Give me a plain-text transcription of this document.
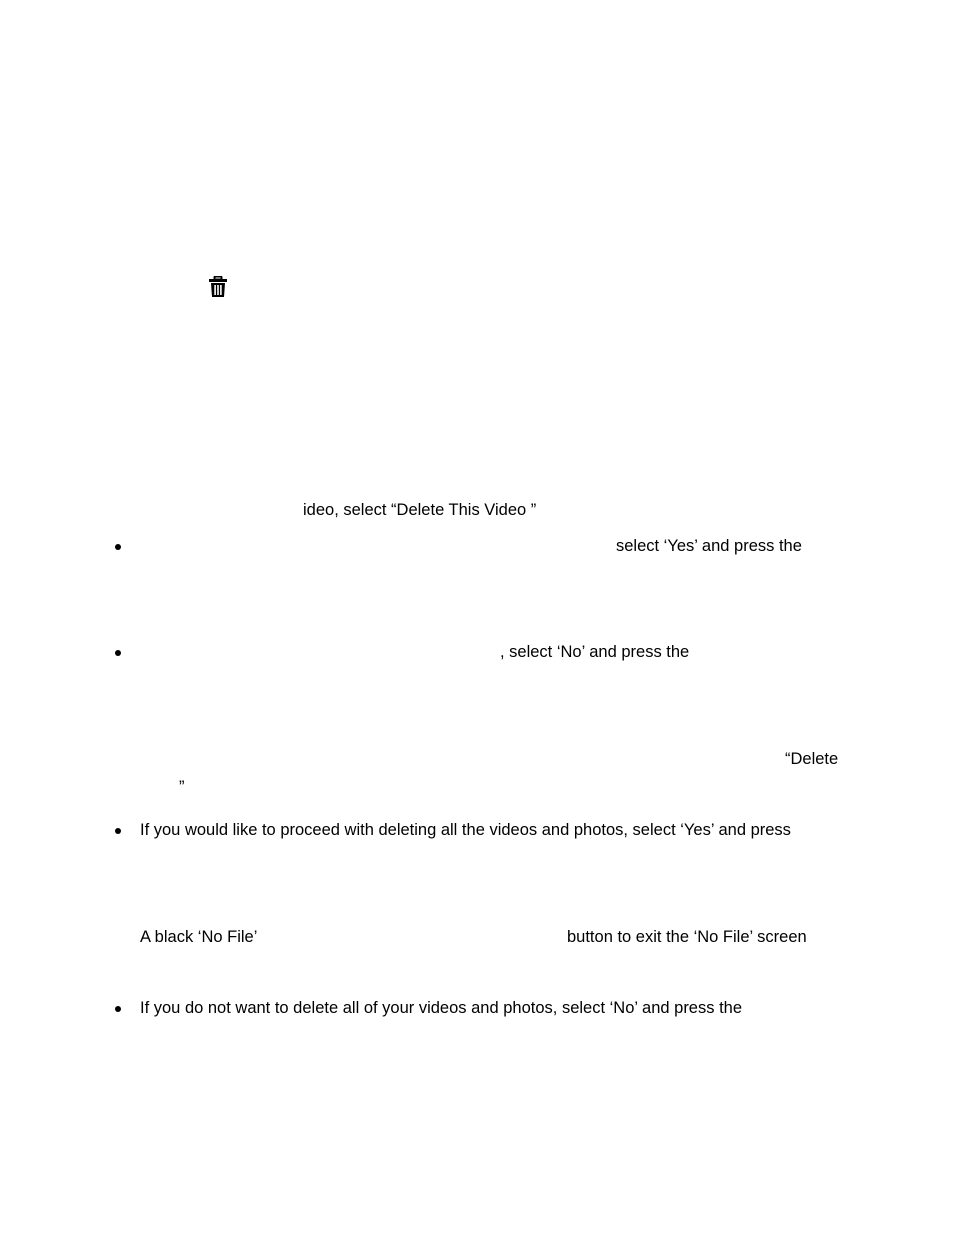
ideo, select “Delete This Video ”
select ‘Yes’ and press the
, select ‘No’ and press the
“Delete
”
If you would like to proceed with deleting all the videos and photos, select ‘Yes’ and press
A black ‘No File’	button to exit the ‘No File’ screen
If you do not want to delete all of your videos and photos, select ‘No’ and press the
